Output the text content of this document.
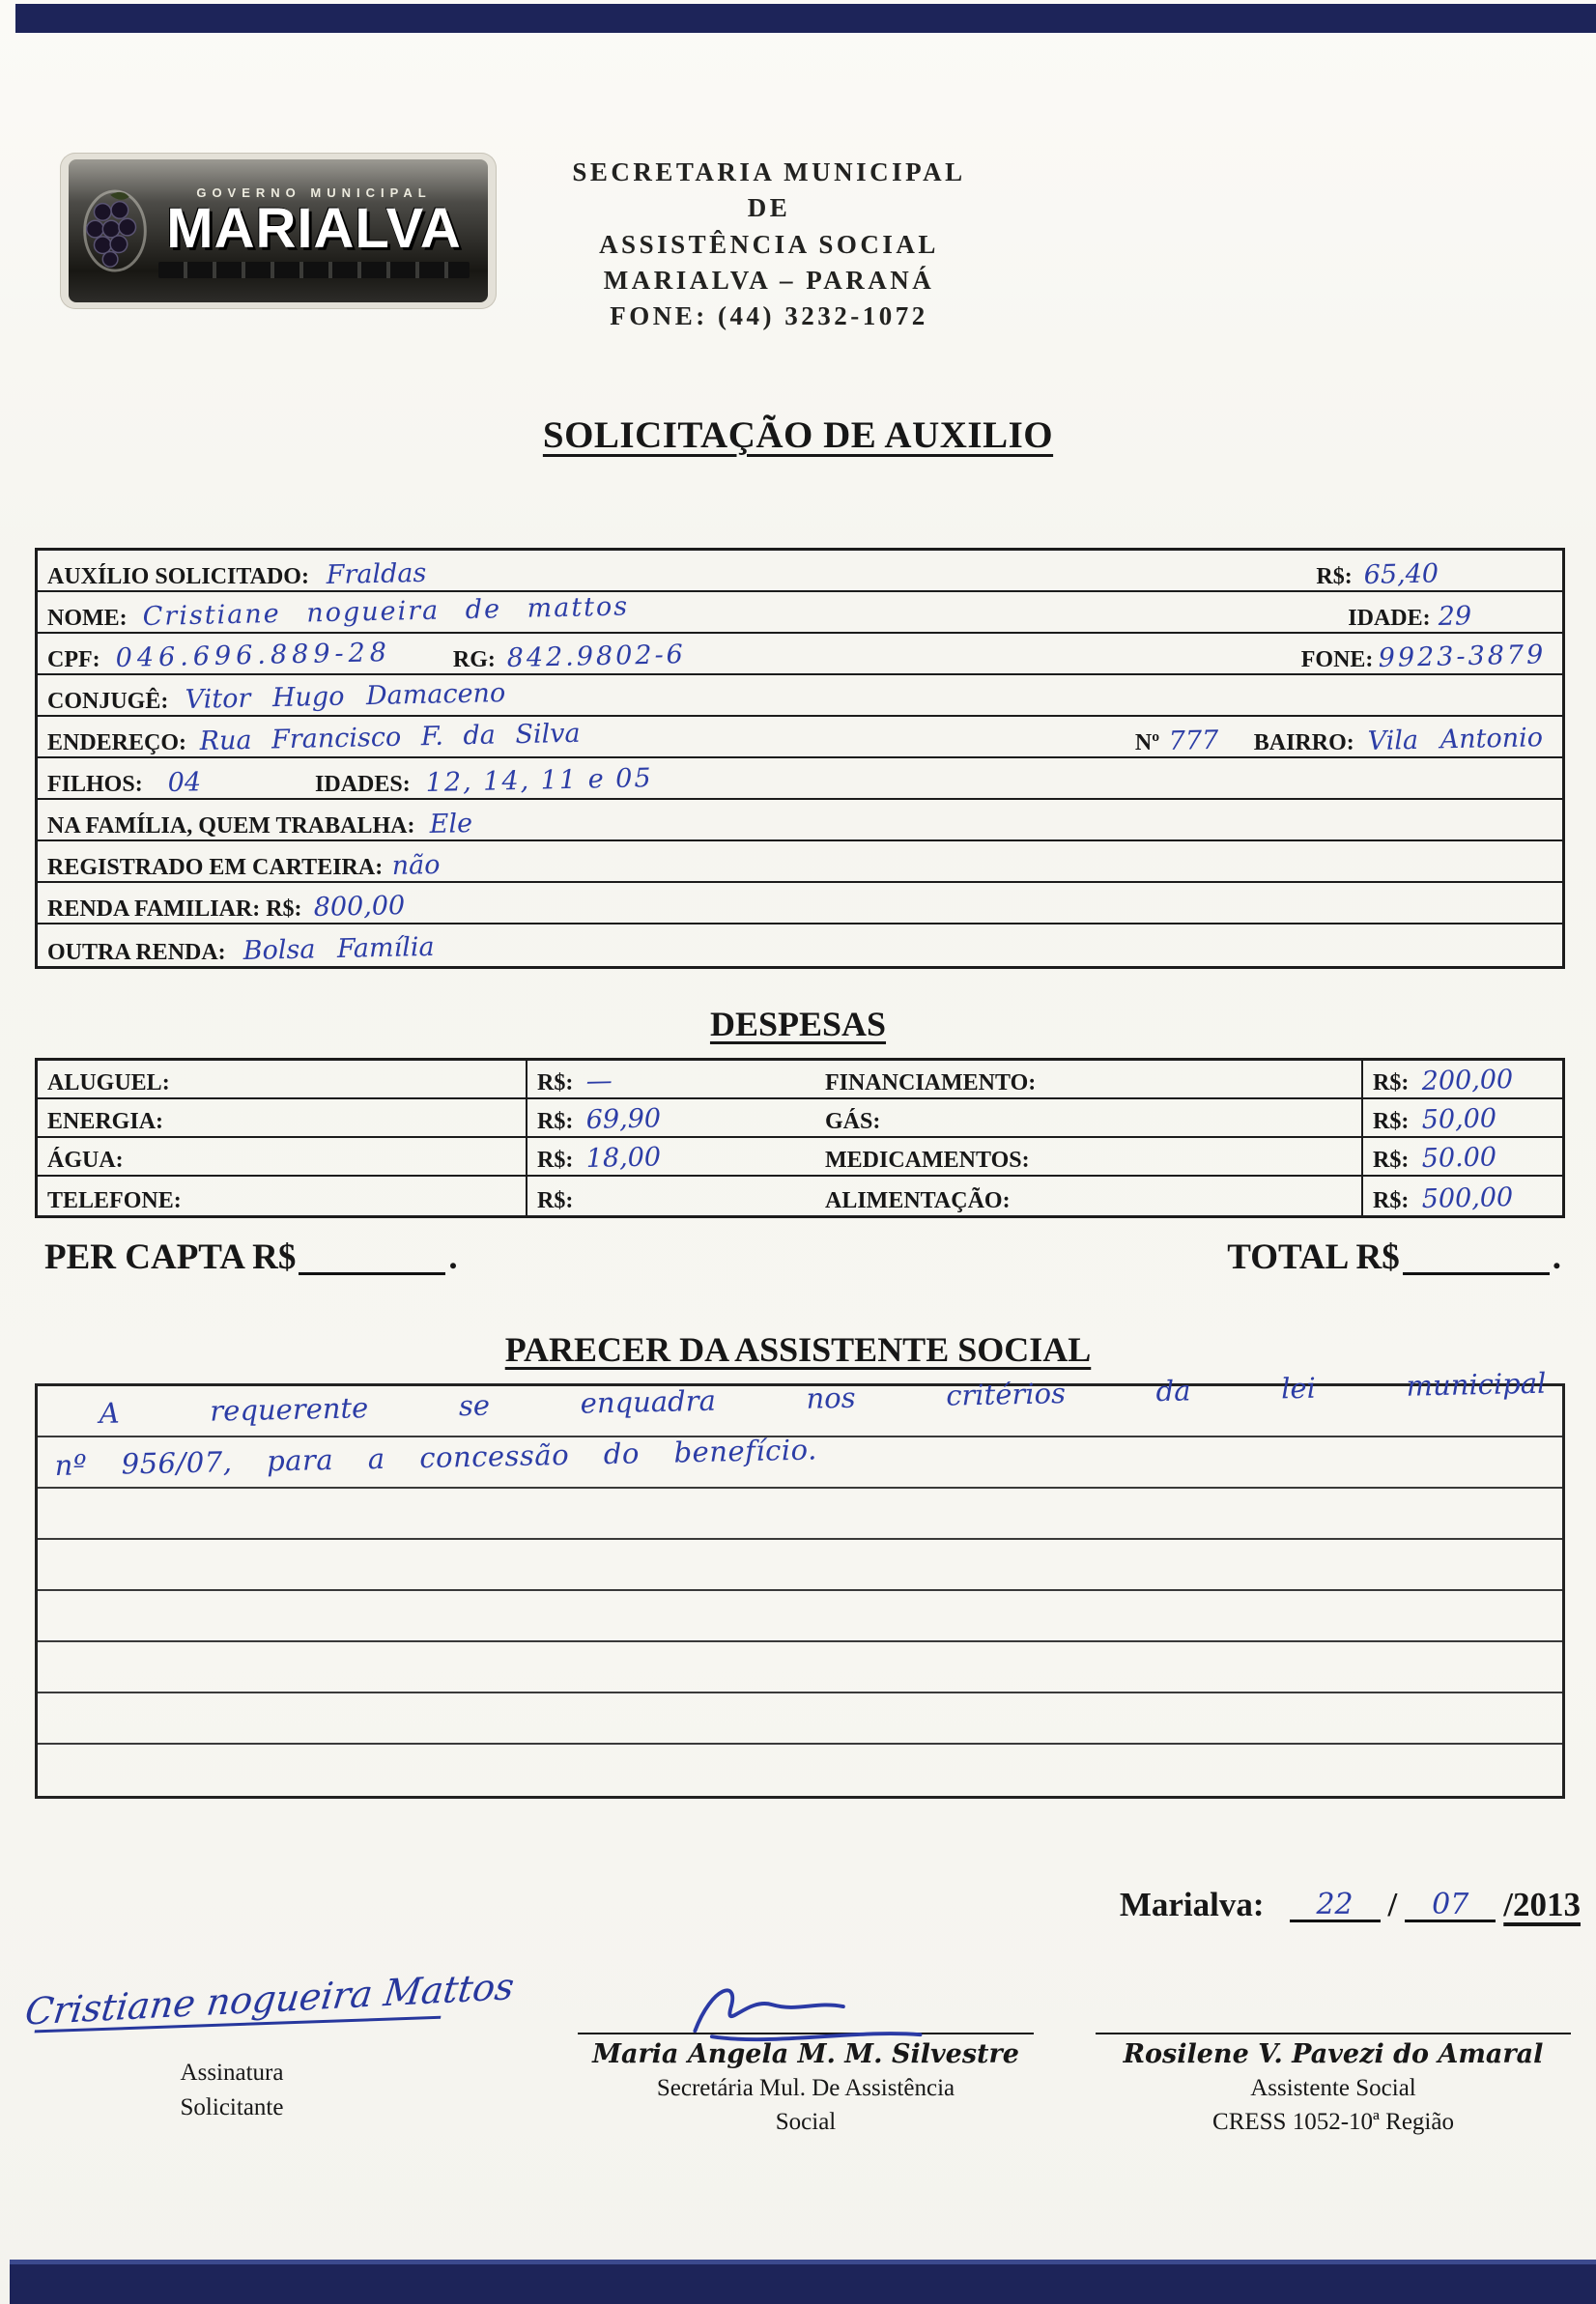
GOVERNO MUNICIPAL
MARIALVA
SECRETARIA MUNICIPAL
DE
ASSISTÊNCIA SOCIAL
MARIALVA – PARANÁ
FONE: (44) 3232-1072
SOLICITAÇÃO DE AUXILIO
AUXÍLIO SOLICITADO: Fraldas	R$: 65,40
NOME: Cristiane nogueira de mattos	IDADE: 29
CPF: 046.696.889-28	RG: 842.9802-6	FONE: 9923-3879
CONJUGÊ: Vitor Hugo Damaceno
ENDEREÇO: Rua Francisco F. da Silva	Nº 777 BAIRRO: Vila Antonio
FILHOS: 04	IDADES: 12, 14, 11 e 05
NA FAMÍLIA, QUEM TRABALHA: Ele
REGISTRADO EM CARTEIRA: não
RENDA FAMILIAR: R$: 800,00
OUTRA RENDA: Bolsa Família
DESPESAS
ALUGUEL:	R$: —	FINANCIAMENTO:	R$: 200,00
ENERGIA:	R$: 69,90	GÁS:	R$: 50,00
ÁGUA:	R$: 18,00	MEDICAMENTOS:	R$: 50.00
TELEFONE:	R$:	ALIMENTAÇÃO:	R$: 500,00
PER CAPTA R$	.	TOTAL R$	.
PARECER DA ASSISTENTE SOCIAL
A requerente se enquadra nos critérios da lei municipal
nº 956/07, para a concessão do benefício.
Marialva: 22 / 07 /2013
Cristiane nogueira Mattos
Assinatura
Solicitante
Maria Angela M. M. Silvestre
Secretária Mul. De Assistência
Social
Rosilene V. Pavezi do Amaral
Assistente Social
CRESS 1052-10ª Região
